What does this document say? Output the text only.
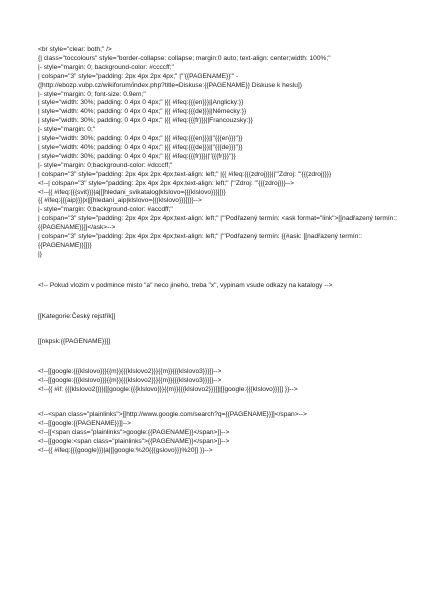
<br style="clear: both;" />

{| class="toccolours" style="border-collapse: collapse; margin:0 auto; text-align: center;width: 100%;"

|- style="margin: 0; background-color: #ccccff;"

| colspan="3" style="padding: 2px 4px 2px 4px;" |'''{{PAGENAME}}''' -

([http://ebozp.vubp.cz/wikiforum/index.php?title=Diskuse:{{PAGENAME}} Diskuse k heslu])

|- style="margin: 0; font-size: 0.9em;"

| style="width: 30%; padding: 0 4px 0 4px;" |{{ #ifeq:{{{en}}}||Anglicky:}}

| style="width: 40%; padding: 0 4px 0 4px;" |{{ #ifeq:{{{de}}}||Německy:}}

| style="width: 30%; padding: 0 4px 0 4px;" |{{ #ifeq:{{{fr}}}||Francouzsky:}}

|- style="margin: 0;"

| style="width: 30%; padding: 0 4px 0 4px;" |{{ #ifeq:{{{en}}}||''{{{en}}}''}}

| style="width: 40%; padding: 0 4px 0 4px;" |{{ #ifeq:{{{de}}}||''{{{de}}}''}}

| style="width: 30%; padding: 0 4px 0 4px;" |{{ #ifeq:{{{fr}}}||''{{{fr}}}''}}

|- style="margin: 0;background-color: #dcccff;"

| colspan="3" style="padding: 2px 4px 2px 4px;text-align: left;" |{{ #ifeq:{{{zdroj}}}||'''Zdroj: '''{{{zdroj}}}}

<!--| colspan="3" style="padding: 2px 4px 2px 4px;text-align: left;" |'''Zdroj: '''{{{zdroj}}}-->

<!--{{ #ifeq:{{{svit}}}|a|[[hledani_svikatalog|klslovo={{{klslovo}}}]]}}

{{ #ifeq:{{{aip}}}|x|[[hledani_aip|klslovo={{{klslovo}}}]]}}-->

|- style="margin: 0;background-color: #accdff;"

| colspan="3" style="padding: 2px 4px 2px 4px;text-align: left;" |'''Podřazený termín: <ask format="link">[[nadřazený termín::{{PAGENAME}}]]</ask>-->

| colspan="3" style="padding: 2px 4px 2px 4px;text-align: left;" |'''Podřazený termín: {{#ask: [[nadřazený termín::{{PAGENAME}}]]}}

|}

<!-- Pokud vlozim v podmince misto "a" neco jineho, treba "x", vypinam vsude odkazy na katalogy -->

[[Kategorie:Český rejstřík]]

[[nkpsk:{{PAGENAME}}]]

<!--[[google:{{{klslovo}}}{{m}}{{{klslovo2}}}{{m}}{{{klslovo3}}}]]-->

<!--[[google:{{{klslovo}}}{{m}}{{{klslovo2}}}{{m}}{{{klslovo3}}}]]-->

<!--{{ #if: {{{klslovo2|}}}|[[google:{{{klslovo}}}{{m}}{{{klslovo2}}}]]|[[google:{{{klslovo}}}]] }}-->

<!--<span class="plainlinks">[[http://www.google.com/search?q={{PAGENAME}}]]</span>-->

<!--[[google:{{PAGENAME}}]]-->

<!--[[<span class="plainlinks">google:{{PAGENAME}}</span>]]-->

<!--[[google:<span class="plainlinks">{{PAGENAME}}</span>]]-->

<!--{{ #ifeq:{{{google}}}|a|[[google:%20{{{gslovo}}}%20]] }}-->
